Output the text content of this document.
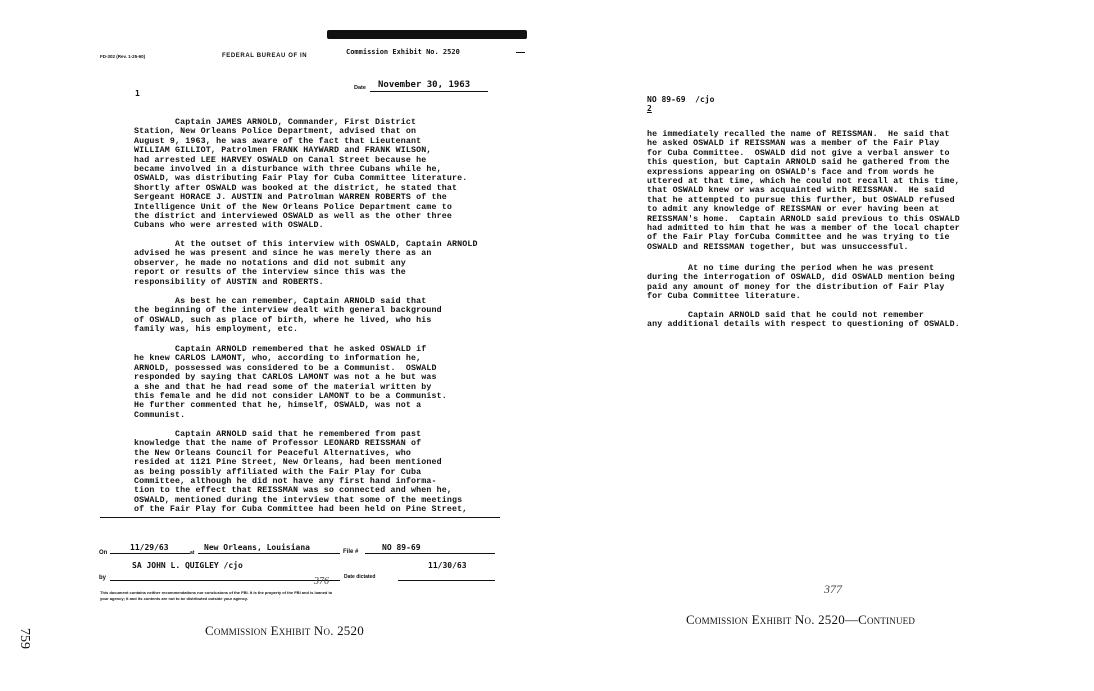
FD-302 (Rev. 1-25-60)	FEDERAL BUREAU OF IN	Commission Exhibit No. 2520
Date November 30, 1963
1
Captain JAMES ARNOLD, Commander, First District
Station, New Orleans Police Department, advised that on
August 9, 1963, he was aware of the fact that Lieutenant
WILLIAM GILLIOT, Patrolmen FRANK HAYWARD and FRANK WILSON,
had arrested LEE HARVEY OSWALD on Canal Street because he
became involved in a disturbance with three Cubans while he,
OSWALD, was distributing Fair Play for Cuba Committee literature.
Shortly after OSWALD was booked at the district, he stated that
Sergeant HORACE J. AUSTIN and Patrolman WARREN ROBERTS of the
Intelligence Unit of the New Orleans Police Department came to
the district and interviewed OSWALD as well as the other three
Cubans who were arrested with OSWALD.
At the outset of this interview with OSWALD, Captain ARNOLD
advised he was present and since he was merely there as an
observer, he made no notations and did not submit any
report or results of the interview since this was the
responsibility of AUSTIN and ROBERTS.
As best he can remember, Captain ARNOLD said that
the beginning of the interview dealt with general background
of OSWALD, such as place of birth, where he lived, who his
family was, his employment, etc.
Captain ARNOLD remembered that he asked OSWALD if
he knew CARLOS LAMONT, who, according to information he,
ARNOLD, possessed was considered to be a Communist.  OSWALD
responded by saying that CARLOS LAMONT was not a he but was
a she and that he had read some of the material written by
this female and he did not consider LAMONT to be a Communist.
He further commented that he, himself, OSWALD, was not a
Communist.
Captain ARNOLD said that he remembered from past
knowledge that the name of Professor LEONARD REISSMAN of
the New Orleans Council for Peaceful Alternatives, who
resided at 1121 Pine Street, New Orleans, had been mentioned
as being possibly affiliated with the Fair Play for Cuba
Committee, although he did not have any first hand informa-
tion to the effect that REISSMAN was so connected and when he,
OSWALD, mentioned during the interview that some of the meetings
of the Fair Play for Cuba Committee had been held on Pine Street,
On
11/29/63
at
New Orleans, Louisiana	File #	NO 89-69
SA JOHN L. QUIGLEY /cjo	11/30/63
by	Date dictated
376
This document contains neither recommendations nor conclusions of the FBI. It is the property of the FBI and is loaned to
your agency; it and its contents are not to be distributed outside your agency.
Commission Exhibit No. 2520
759
NO 89-69  /cjo
2
he immediately recalled the name of REISSMAN.  He said that
he asked OSWALD if REISSMAN was a member of the Fair Play
for Cuba Committee.  OSWALD did not give a verbal answer to
this question, but Captain ARNOLD said he gathered from the
expressions appearing on OSWALD's face and from words he
uttered at that time, which he could not recall at this time,
that OSWALD knew or was acquainted with REISSMAN.  He said
that he attempted to pursue this further, but OSWALD refused
to admit any knowledge of REISSMAN or ever having been at
REISSMAN's home.  Captain ARNOLD said previous to this OSWALD
had admitted to him that he was a member of the local chapter
of the Fair Play forCuba Committee and he was trying to tie
OSWALD and REISSMAN together, but was unsuccessful.
At no time during the period when he was present
during the interrogation of OSWALD, did OSWALD mention being
paid any amount of money for the distribution of Fair Play
for Cuba Committee literature.
Captain ARNOLD said that he could not remember
any additional details with respect to questioning of OSWALD.
377
Commission Exhibit No. 2520—Continued
